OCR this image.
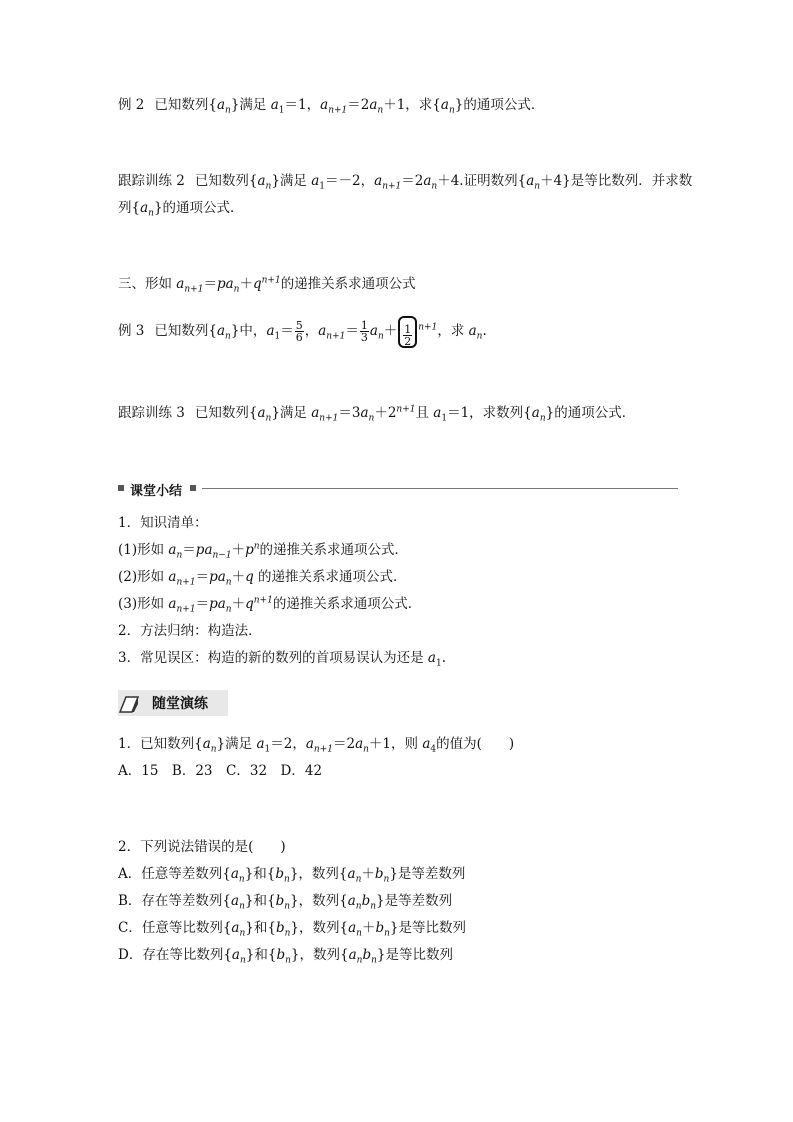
例 2 已知数列$\{a_n\}$满足 $a_1=1$，$a_{n+1}=2a_n+1$，求$\{a_n\}$的通项公式．
跟踪训练 2 已知数列$\{a_n\}$满足 $a_1=-2$，$a_{n+1}=2a_n+4$.证明数列$\{a_n+4\}$是等比数列．并求数
列$\{a_n\}$的通项公式．
三、形如 $a_{n+1}=pa_n+q^{n+1}$的递推关系求通项公式
例 3 已知数列$\{a_n\}$中，$a_1= \frac{5}{6}$ ，$a_{n+1}= \frac{1}{3} a_n+ \frac{1}{2} ^{n+1}$，求 $a_n$.
跟踪训练 3 已知数列$\{a_n\}$满足 $a_{n+1}=3a_n+2^{n+1}$且 $a_1=1$，求数列$\{a_n\}$的通项公式．
课堂小结
1．知识清单：
(1)形如 $a_n=pa_{n-1}+p^n$的递推关系求通项公式．
(2)形如 $a_{n+1}=pa_n+q$ 的递推关系求通项公式．
(3)形如 $a_{n+1}=pa_n+q^{n+1}$的递推关系求通项公式．
2．方法归纳：构造法．
3．常见误区：构造的新的数列的首项易误认为还是 $a_1$.
随堂演练
1．已知数列$\{a_n\}$满足 $a_1=2$，$a_{n+1}=2a_n+1$，则 $a_4$的值为(　　)
A．15　B．23　C．32　D．42
2．下列说法错误的是(　　)
A．任意等差数列$\{a_n\}$和$\{b_n\}$，数列$\{a_n+b_n\}$是等差数列
B．存在等差数列$\{a_n\}$和$\{b_n\}$，数列$\{a_nb_n\}$是等差数列
C．任意等比数列$\{a_n\}$和$\{b_n\}$，数列$\{a_n+b_n\}$是等比数列
D．存在等比数列$\{a_n\}$和$\{b_n\}$，数列$\{a_nb_n\}$是等比数列
